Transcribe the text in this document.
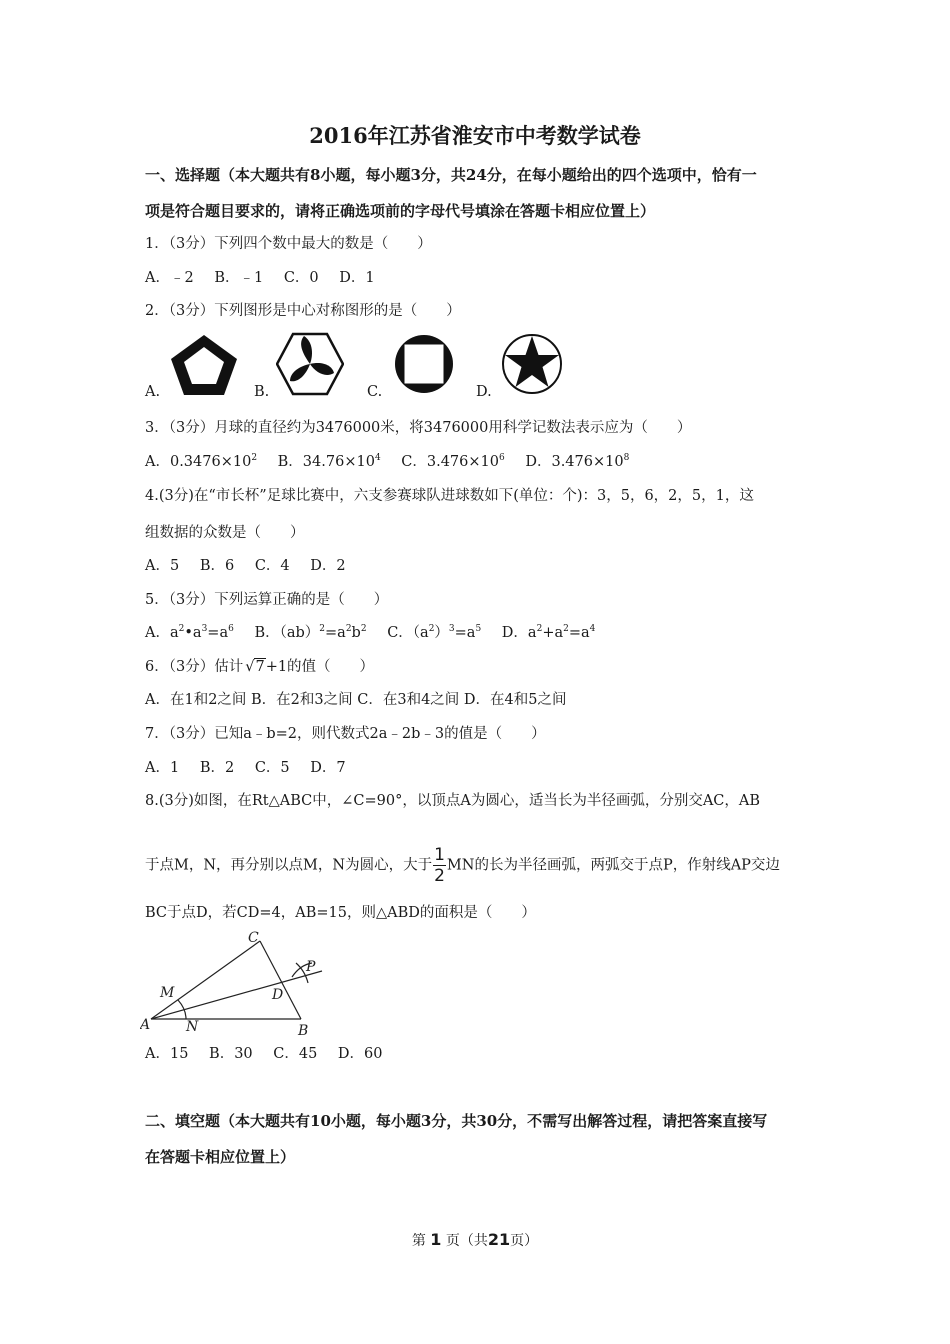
2016年江苏省淮安市中考数学试卷
一、选择题（本大题共有8小题，每小题3分，共24分，在每小题给出的四个选项中，恰有一
项是符合题目要求的，请将正确选项前的字母代号填涂在答题卡相应位置上）
1．（3分）下列四个数中最大的数是（　　）
A．﹣2 B．﹣1 C．0 D．1
2．（3分）下列图形是中心对称图形的是（　　）
A.	B.	C.	D.
3．（3分）月球的直径约为3476000米，将3476000用科学记数法表示应为（　　）
A．$0.3476\times 10^2$ B．$34.76\times 10^4$ C．$3.476\times 10^6$ D．$3.476\times 10^8$
4.(3分)在“市长杯”足球比赛中，六支参赛球队进球数如下(单位：个)：3，5，6，2，5，1，这
组数据的众数是（　　）
A．5 B．6 C．4 D．2
5．（3分）下列运算正确的是（　　）
A．$a^2•a^3=a^6$ B．$(ab)^2=a^2b^2$ C．$(a^2)^3=a^5$ D．$a^2+a^2=a^4$
6．（3分）估计 √7+1的值（　　）
A．在1和2之间 B．在2和3之间 C．在3和4之间 D．在4和5之间
7．（3分）已知a﹣b=2，则代数式2a﹣2b﹣3的值是（　　）
A．1 B．2 C．5 D．7
8.(3分)如图，在Rt△ABC中，∠C=90°，以顶点A为圆心，适当长为半径画弧，分别交AC，AB
于点M，N，再分别以点M，N为圆心，大于 $\frac{1}{2}$ MN的长为半径画弧，两弧交于点P，作射线AP交边
BC于点D，若CD=4，AB=15，则△ABD的面积是（　　）
A	B
C
D
M
N
P
A．15 B．30 C．45 D．60
二、填空题（本大题共有10小题，每小题3分，共30分，不需写出解答过程，请把答案直接写
在答题卡相应位置上）
第 1 页（共21页）
